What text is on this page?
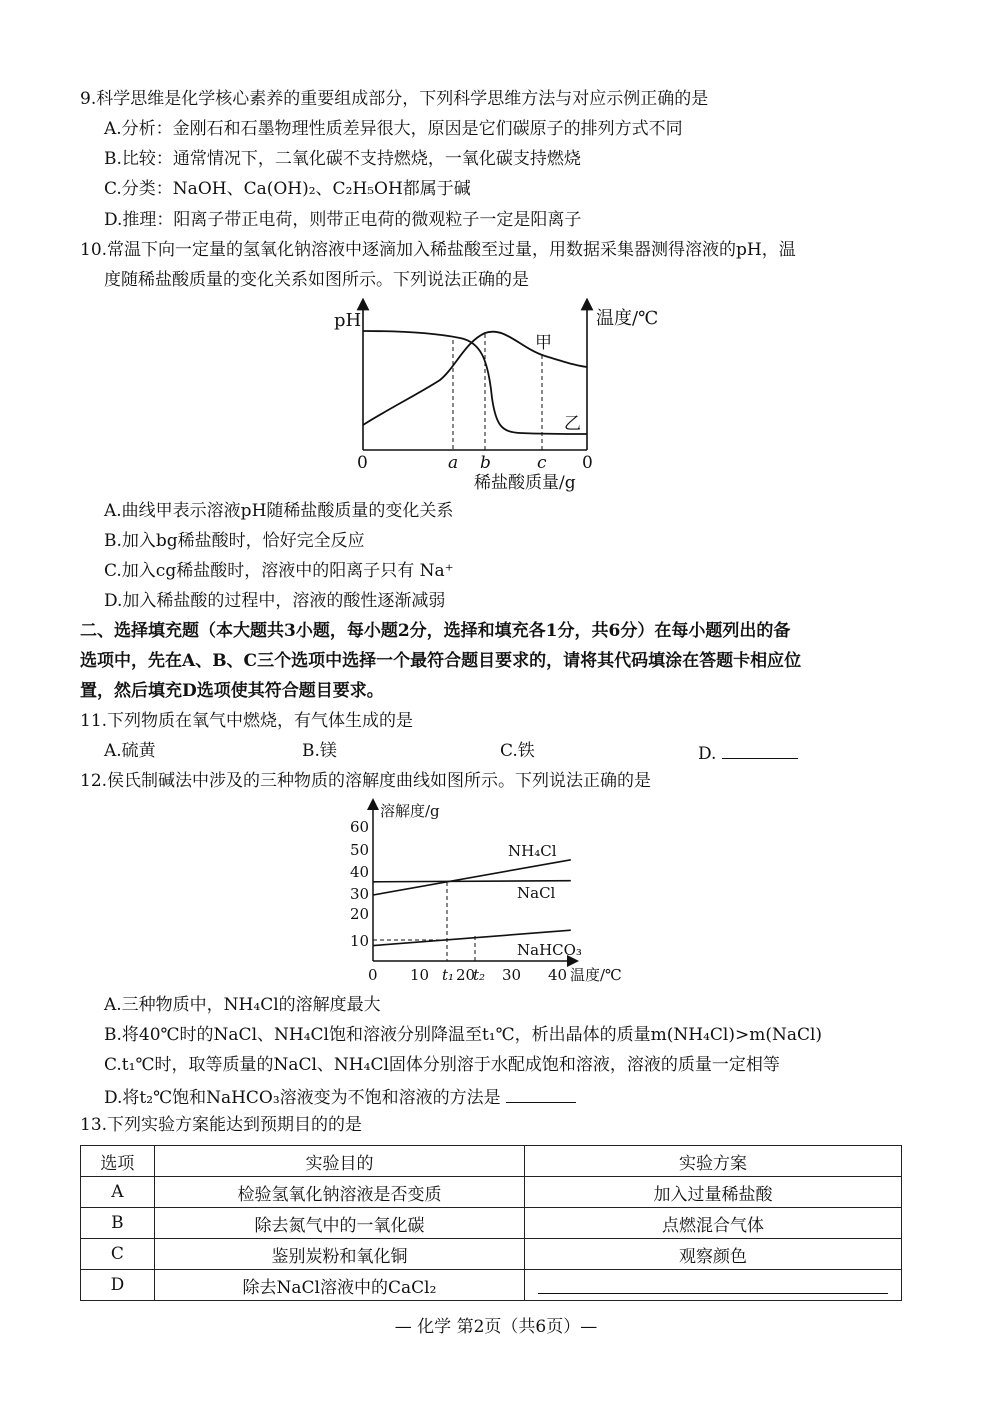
9.科学思维是化学核心素养的重要组成部分，下列科学思维方法与对应示例正确的是
A.分析：金刚石和石墨物理性质差异很大，原因是它们碳原子的排列方式不同
B.比较：通常情况下，二氧化碳不支持燃烧，一氧化碳支持燃烧
C.分类：NaOH、Ca(OH)₂、C₂H₅OH都属于碱
D.推理：阳离子带正电荷，则带正电荷的微观粒子一定是阳离子
10.常温下向一定量的氢氧化钠溶液中逐滴加入稀盐酸至过量，用数据采集器测得溶液的pH，温
度随稀盐酸质量的变化关系如图所示。下列说法正确的是
pH	温度/℃
甲
乙
0	0
a b	c
稀盐酸质量/g
A.曲线甲表示溶液pH随稀盐酸质量的变化关系
B.加入bg稀盐酸时，恰好完全反应
C.加入cg稀盐酸时，溶液中的阳离子只有 Na⁺
D.加入稀盐酸的过程中，溶液的酸性逐渐减弱
二、选择填充题（本大题共3小题，每小题2分，选择和填充各1分，共6分）在每小题列出的备
选项中，先在A、B、C三个选项中选择一个最符合题目要求的，请将其代码填涂在答题卡相应位
置，然后填充D选项使其符合题目要求。
11.下列物质在氧气中燃烧，有气体生成的是
A.硫黄	B.镁	C.铁	D.
12.侯氏制碱法中涉及的三种物质的溶解度曲线如图所示。下列说法正确的是
溶解度/g
温度/℃
10
20
30
40
50
60
0 10 t₁ 20
t₂ 30 40
NH₄Cl
NaCl
NaHCO₃
A.三种物质中，NH₄Cl的溶解度最大
B.将40℃时的NaCl、NH₄Cl饱和溶液分别降温至t₁℃，析出晶体的质量m(NH₄Cl)>m(NaCl)
C.t₁℃时，取等质量的NaCl、NH₄Cl固体分别溶于水配成饱和溶液，溶液的质量一定相等
D.将t₂℃饱和NaHCO₃溶液变为不饱和溶液的方法是
13.下列实验方案能达到预期目的的是
选项	实验目的	实验方案
A	检验氢氧化钠溶液是否变质	加入过量稀盐酸
B	除去氮气中的一氧化碳	点燃混合气体
C	鉴别炭粉和氧化铜	观察颜色
D	除去NaCl溶液中的CaCl₂	
— 化学 第2页（共6页）—
